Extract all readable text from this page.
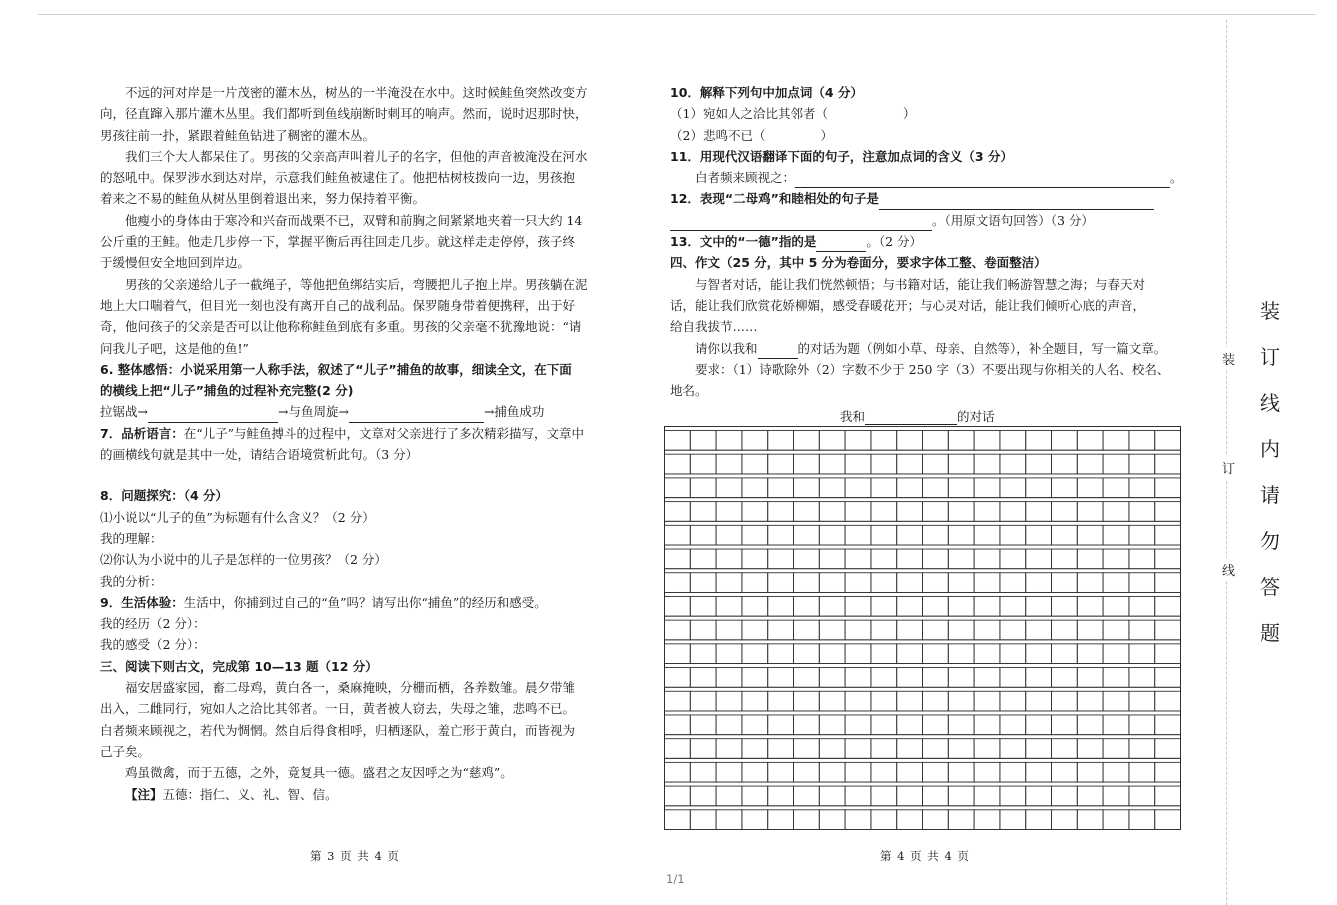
不远的河对岸是一片茂密的灌木丛，树丛的一半淹没在水中。这时候鲑鱼突然改变方
向，径直蹿入那片灌木丛里。我们都听到鱼线崩断时刺耳的响声。然而，说时迟那时快，
男孩往前一扑，紧跟着鲑鱼钻进了稠密的灌木丛。
我们三个大人都呆住了。男孩的父亲高声叫着儿子的名字，但他的声音被淹没在河水
的怒吼中。保罗涉水到达对岸，示意我们鲑鱼被逮住了。他把枯树枝拨向一边，男孩抱
着来之不易的鲑鱼从树丛里倒着退出来，努力保持着平衡。
他瘦小的身体由于寒冷和兴奋而战栗不已，双臂和前胸之间紧紧地夹着一只大约 14
公斤重的王鲑。他走几步停一下，掌握平衡后再往回走几步。就这样走走停停，孩子终
于缓慢但安全地回到岸边。
男孩的父亲递给儿子一截绳子，等他把鱼绑结实后，弯腰把儿子抱上岸。男孩躺在泥
地上大口喘着气，但目光一刻也没有离开自己的战利品。保罗随身带着便携秤，出于好
奇，他问孩子的父亲是否可以让他称称鲑鱼到底有多重。男孩的父亲毫不犹豫地说：“请
问我儿子吧，这是他的鱼!”
6. 整体感悟：小说采用第一人称手法，叙述了“儿子”捕鱼的故事，细读全文，在下面
的横线上把“儿子”捕鱼的过程补充完整(2 分)
拉锯战→	→与鱼周旋→	→捕鱼成功
7．品析语言：在“儿子”与鲑鱼搏斗的过程中，文章对父亲进行了多次精彩描写，文章中
的画横线句就是其中一处，请结合语境赏析此句。（3 分）
8．问题探究：（4 分）
⑴小说以“儿子的鱼”为标题有什么含义？（2 分）
我的理解：
⑵你认为小说中的儿子是怎样的一位男孩？（2 分）
我的分析：
9．生活体验：生活中，你捕到过自己的“鱼”吗？请写出你“捕鱼”的经历和感受。
我的经历（2 分）：
我的感受（2 分）：
三、阅读下则古文，完成第 10—13 题（12 分）
福安居盛家园，畜二母鸡，黄白各一，桑麻掩映，分栅而栖，各养数雏。晨夕带雏
出入，二雌同行，宛如人之洽比其邻者。一日，黄者被人窃去，失母之雏，悲鸣不已。
白者频来顾视之，若代为惆惘。然自后得食相呼，归栖逐队，羞亡形于黄白，而皆视为
己子矣。
鸡虽微禽，而于五德，之外，竟复具一德。盛君之友因呼之为“慈鸡”。
【注】五德：指仁、义、礼、智、信。
10．解释下列句中加点词（4 分）
（1）宛如人之洽比其邻者（	）
（2）悲鸣不已（	）
11．用现代汉语翻译下面的句子，注意加点词的含义（3 分）
白者频来顾视之：	。
12．表现“二母鸡”和睦相处的句子是
。（用原文语句回答）（3 分）
13．文中的“一德”指的是	。（2 分）
四、作文（25 分，其中 5 分为卷面分，要求字体工整、卷面整洁）
与智者对话，能让我们恍然顿悟；与书籍对话，能让我们畅游智慧之海；与春天对
话，能让我们欣赏花娇柳媚，感受春暖花开；与心灵对话，能让我们倾听心底的声音，
给自我拔节……
请你以我和	的对话为题（例如小草、母亲、自然等），补全题目，写一篇文章。
要求：（1）诗歌除外（2）字数不少于 250 字（3）不要出现与你相关的人名、校名、
地名。
我和	的对话
第 3 页 共 4 页	第 4 页 共 4 页
1/1
装
订
线
装
订
线
内
请
勿
答
题
